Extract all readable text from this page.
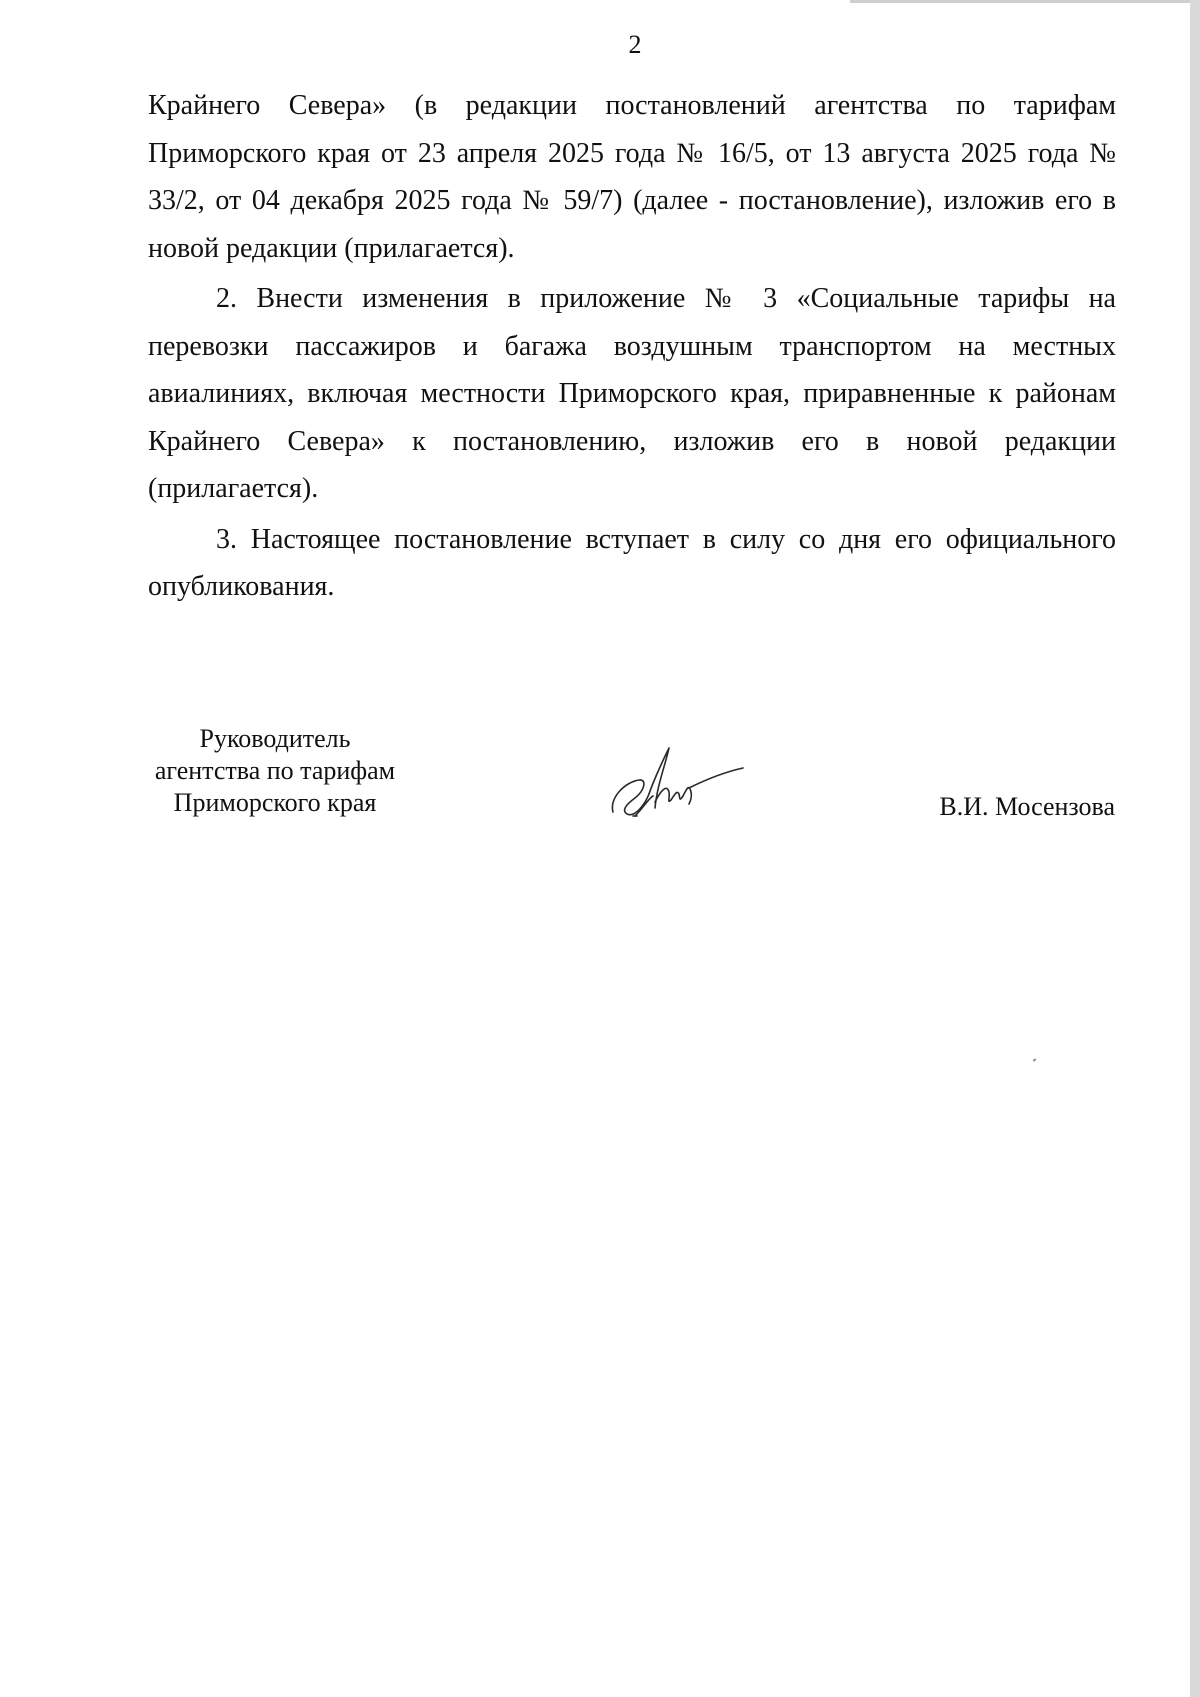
2

Крайнего Севера» (в редакции постановлений агентства по тарифам Приморского края от 23 апреля 2025 года № 16/5, от 13 августа 2025 года № 33/2, от 04 декабря 2025 года № 59/7) (далее - постановление), изложив его в новой редакции (прилагается).

2. Внести изменения в приложение № 3 «Социальные тарифы на перевозки пассажиров и багажа воздушным транспортом на местных авиалиниях, включая местности Приморского края, приравненные к районам Крайнего Севера» к постановлению, изложив его в новой редакции (прилагается).

3. Настоящее постановление вступает в силу со дня его официального опубликования.

Руководитель
агентства по тарифам
Приморского края	В.И. Мосензова
